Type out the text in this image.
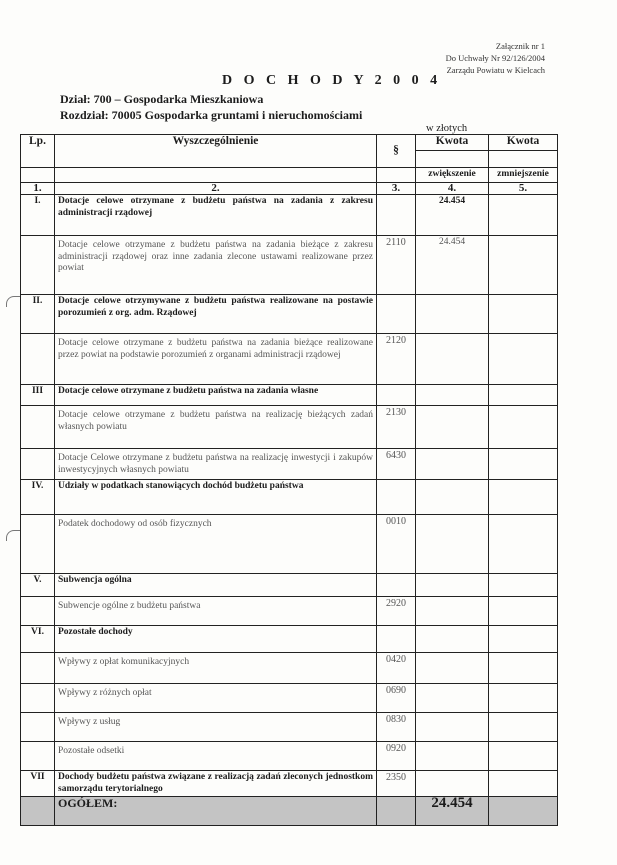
Załącznik nr 1
Do Uchwały Nr 92/126/2004
Zarządu Powiatu w Kielcach
D O C H O D Y 2 0 0 4
Dział: 700 – Gospodarka Mieszkaniowa
Rozdział: 70005 Gospodarka gruntami i nieruchomościami
w złotych
Lp.	Wyszczególnienie	§	Kwota	Kwota

			zwiększenie	zmniejszenie
1.	2.	3.	4.	5.
I.	Dotacje celowe otrzymane z budżetu państwa na zadania z zakresu administracji rządowej		24.454	
	Dotacje celowe otrzymane z budżetu państwa na zadania bieżące z zakresu administracji rządowej oraz inne zadania zlecone ustawami realizowane przez powiat	2110	24.454	
II.	Dotacje celowe otrzymywane z budżetu państwa realizowane na postawie porozumień z org. adm. Rządowej			
	Dotacje celowe otrzymane z budżetu państwa na zadania bieżące realizowane przez powiat na podstawie porozumień z organami administracji rządowej	2120		
III	Dotacje celowe otrzymane z budżetu państwa na zadania własne			
	Dotacje celowe otrzymane z budżetu państwa na realizację bieżących zadań własnych powiatu	2130		
	Dotacje Celowe otrzymane z budżetu państwa na realizację inwestycji i zakupów inwestycyjnych własnych powiatu	6430		
IV.	Udziały w podatkach stanowiących dochód budżetu państwa			
	Podatek dochodowy od osób fizycznych	0010		
V.	Subwencja ogólna			
	Subwencje ogólne z budżetu państwa	2920		
VI.	Pozostałe dochody			
	Wpływy z opłat komunikacyjnych	0420		
	Wpływy z różnych opłat	0690		
	Wpływy z usług	0830		
	Pozostałe odsetki	0920		
VII	Dochody budżetu państwa związane z realizacją zadań zleconych jednostkom samorządu terytorialnego	2350		
	OGÓŁEM:		24.454	
